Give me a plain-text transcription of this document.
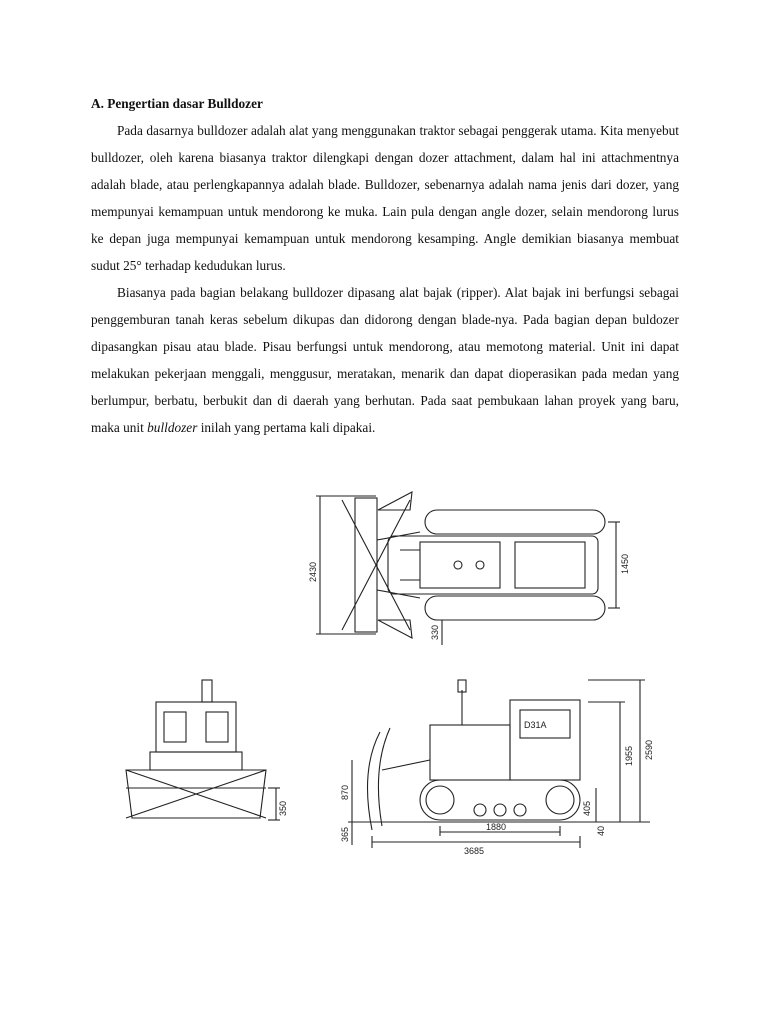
A. Pengertian dasar Bulldozer

Pada dasarnya bulldozer adalah alat yang menggunakan traktor sebagai penggerak utama. Kita menyebut bulldozer, oleh karena biasanya traktor dilengkapi dengan dozer attachment, dalam hal ini attachmentnya adalah blade, atau perlengkapannya adalah blade. Bulldozer, sebenarnya adalah nama jenis dari dozer, yang mempunyai kemampuan untuk mendorong ke muka. Lain pula dengan angle dozer, selain mendorong lurus ke depan juga mempunyai kemampuan untuk mendorong kesamping. Angle demikian biasanya membuat sudut 25° terhadap kedudukan lurus.

Biasanya pada bagian belakang bulldozer dipasang alat bajak (ripper). Alat bajak ini berfungsi sebagai penggemburan tanah keras sebelum dikupas dan didorong dengan blade-nya. Pada bagian depan buldozer dipasangkan pisau atau blade. Pisau berfungsi untuk mendorong, atau memotong material. Unit ini dapat melakukan pekerjaan menggali, menggusur, meratakan, menarik dan dapat dioperasikan pada medan yang berlumpur, berbatu, berbukit dan di daerah yang berhutan. Pada saat pembukaan lahan proyek yang baru, maka unit bulldozer inilah yang pertama kali dipakai.

2430	1450
330
350
D31A
1955 2590
405
40
870
365	1880
3685
